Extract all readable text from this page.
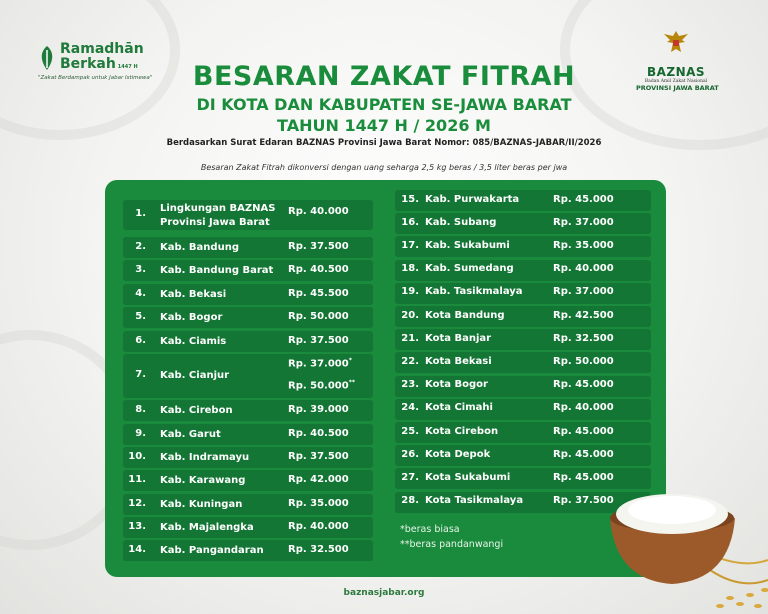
Ramadhān
Berkah 1447 H
"Zakat Berdampak untuk Jabar Istimewa"	BAZNAS
Badan Amil Zakat Nasional
PROVINSI JAWA BARAT
BESARAN ZAKAT FITRAH
DI KOTA DAN KABUPATEN SE-JAWA BARAT
TAHUN 1447 H / 2026 M
Berdasarkan Surat Edaran BAZNAS Provinsi Jawa Barat Nomor: 085/BAZNAS-JABAR/II/2026
Besaran Zakat Fitrah dikonversi dengan uang seharga 2,5 kg beras / 3,5 liter beras per jwa
1. Lingkungan BAZNAS
Provinsi Jawa Barat
Rp. 40.000
2. Kab. Bandung	Rp. 37.500
3. Kab. Bandung Barat Rp. 40.500
4. Kab. Bekasi	Rp. 45.500
5. Kab. Bogor	Rp. 50.000
6. Kab. Ciamis	Rp. 37.500
7. Kab. Cianjur
Rp. 37.000*
Rp. 50.000**
8. Kab. Cirebon	Rp. 39.000
9. Kab. Garut	Rp. 40.500
10. Kab. Indramayu	Rp. 37.500
11. Kab. Karawang	Rp. 42.000
12. Kab. Kuningan	Rp. 35.000
13. Kab. Majalengka	Rp. 40.000
14. Kab. Pangandaran Rp. 32.500
15. Kab. Purwakarta	Rp. 45.000
16. Kab. Subang	Rp. 37.000
17. Kab. Sukabumi	Rp. 35.000
18. Kab. Sumedang	Rp. 40.000
19. Kab. Tasikmalaya	Rp. 37.000
20. Kota Bandung	Rp. 42.500
21. Kota Banjar	Rp. 32.500
22. Kota Bekasi	Rp. 50.000
23. Kota Bogor	Rp. 45.000
24. Kota Cimahi	Rp. 40.000
25. Kota Cirebon	Rp. 45.000
26. Kota Depok	Rp. 45.000
27. Kota Sukabumi	Rp. 45.000
28. Kota Tasikmalaya	Rp. 37.500
*beras biasa
**beras pandanwangi
baznasjabar.org
